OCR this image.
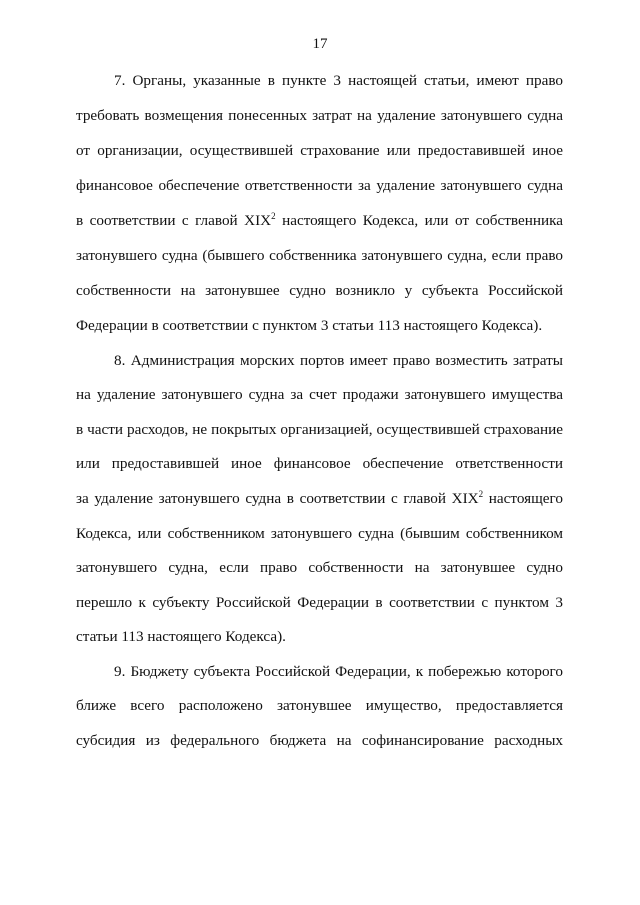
17
7. Органы, указанные в пункте 3 настоящей статьи, имеют право
требовать возмещения понесенных затрат на удаление затонувшего судна
от организации, осуществившей страхование или предоставившей иное
финансовое обеспечение ответственности за удаление затонувшего судна
в соответствии с главой XIX$^2$ настоящего Кодекса, или от собственника
затонувшего судна (бывшего собственника затонувшего судна, если право
собственности на затонувшее судно возникло у субъекта Российской
Федерации в соответствии с пунктом 3 статьи 113 настоящего Кодекса).
8. Администрация морских портов имеет право возместить затраты
на удаление затонувшего судна за счет продажи затонувшего имущества
в части расходов, не покрытых организацией, осуществившей страхование
или предоставившей иное финансовое обеспечение ответственности
за удаление затонувшего судна в соответствии с главой XIX$^2$ настоящего
Кодекса, или собственником затонувшего судна (бывшим собственником
затонувшего судна, если право собственности на затонувшее судно
перешло к субъекту Российской Федерации в соответствии с пунктом 3
статьи 113 настоящего Кодекса).
9. Бюджету субъекта Российской Федерации, к побережью которого
ближе всего расположено затонувшее имущество, предоставляется
субсидия из федерального бюджета на софинансирование расходных
